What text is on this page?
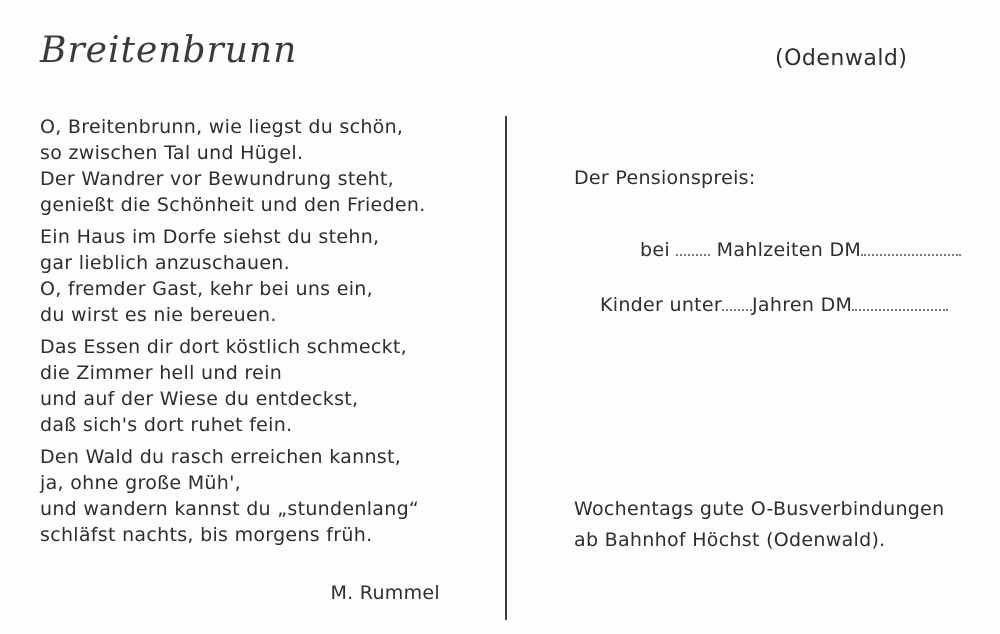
Breitenbrunn	(Odenwald)
O, Breitenbrunn, wie liegst du schön,
so zwischen Tal und Hügel.
Der Wandrer vor Bewundrung steht,
genießt die Schönheit und den Frieden.
Ein Haus im Dorfe siehst du stehn,
gar lieblich anzuschauen.
O, fremder Gast, kehr bei uns ein,
du wirst es nie bereuen.
Das Essen dir dort köstlich schmeckt,
die Zimmer hell und rein
und auf der Wiese du entdeckst,
daß sich's dort ruhet fein.
Den Wald du rasch erreichen kannst,
ja, ohne große Müh',
und wandern kannst du „stundenlang“
schläfst nachts, bis morgens früh.
M. Rummel
Der Pensionspreis:
bei Mahlzeiten DM
Kinder unter Jahren DM
Wochentags gute O-Busverbindungen
ab Bahnhof Höchst (Odenwald).
